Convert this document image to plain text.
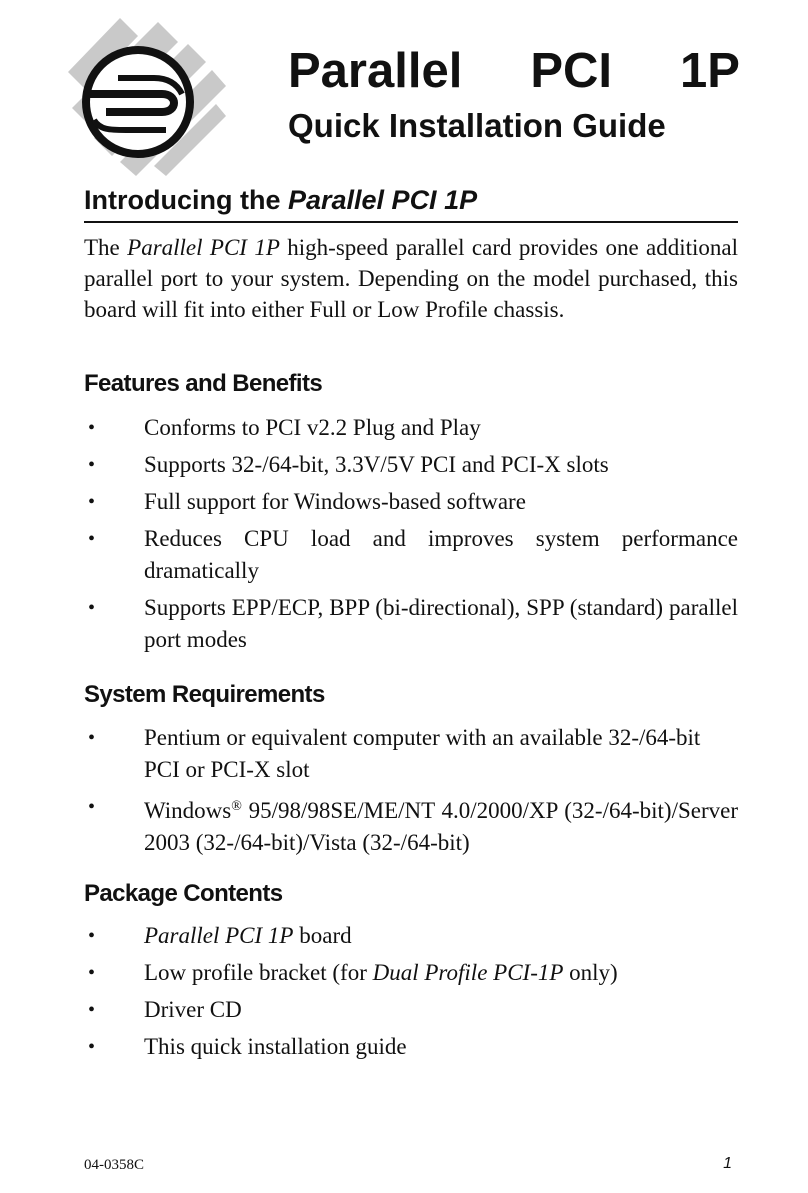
Parallel PCI 1P
Quick Installation Guide
Introducing the Parallel PCI 1P
The Parallel PCI 1P high-speed parallel card provides one additional parallel port to your system. Depending on the model purchased, this board will fit into either Full or Low Profile chassis.
Features and Benefits
• Conforms to PCI v2.2 Plug and Play
• Supports 32-/64-bit, 3.3V/5V PCI and PCI-X slots
• Full support for Windows-based software
• Reduces CPU load and improves system performance dramatically
• Supports EPP/ECP, BPP (bi-directional), SPP (standard) parallel port modes
System Requirements
• Pentium or equivalent computer with an available 32-/64-bit PCI or PCI-X slot
• Windows® 95/98/98SE/ME/NT 4.0/2000/XP (32-/64-bit)/Server 2003 (32-/64-bit)/Vista (32-/64-bit)
Package Contents
• Parallel PCI 1P board
• Low profile bracket (for Dual Profile PCI-1P only)
• Driver CD
• This quick installation guide
04-0358C	1
